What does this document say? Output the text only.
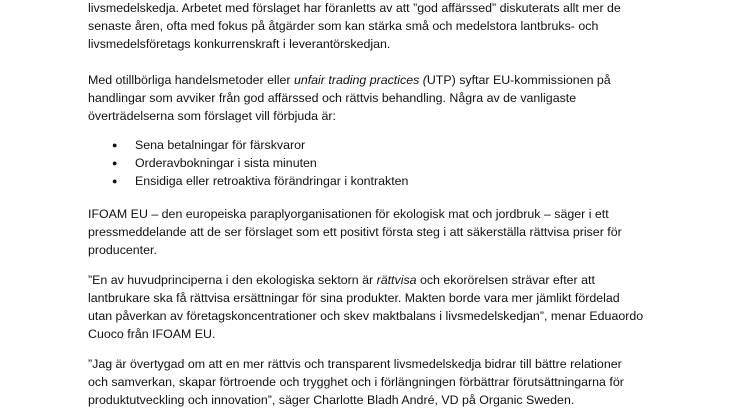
livsmedelskedja. Arbetet med förslaget har föranletts av att ”god affärssed” diskuterats allt mer de
senaste åren, ofta med fokus på åtgärder som kan stärka små och medelstora lantbruks- och
livsmedelsföretags konkurrenskraft i leverantörskedjan.
Med otillbörliga handelsmetoder eller unfair trading practices (UTP) syftar EU-kommissionen på
handlingar som avviker från god affärssed och rättvis behandling. Några av de vanligaste
överträdelserna som förslaget vill förbjuda är:
● Sena betalningar för färskvaror
● Orderavbokningar i sista minuten
● Ensidiga eller retroaktiva förändringar i kontrakten
IFOAM EU – den europeiska paraplyorganisationen för ekologisk mat och jordbruk – säger i ett
pressmeddelande att de ser förslaget som ett positivt första steg i att säkerställa rättvisa priser för
producenter.
”En av huvudprinciperna i den ekologiska sektorn är rättvisa och ekorörelsen strävar efter att
lantbrukare ska få rättvisa ersättningar för sina produkter. Makten borde vara mer jämlikt fördelad
utan påverkan av företagskoncentrationer och skev maktbalans i livsmedelskedjan”, menar Eduaordo
Cuoco från IFOAM EU.
”Jag är övertygad om att en mer rättvis och transparent livsmedelskedja bidrar till bättre relationer
och samverkan, skapar förtroende och trygghet och i förlängningen förbättrar förutsättningarna för
produktutveckling och innovation”, säger Charlotte Bladh André, VD på Organic Sweden.
